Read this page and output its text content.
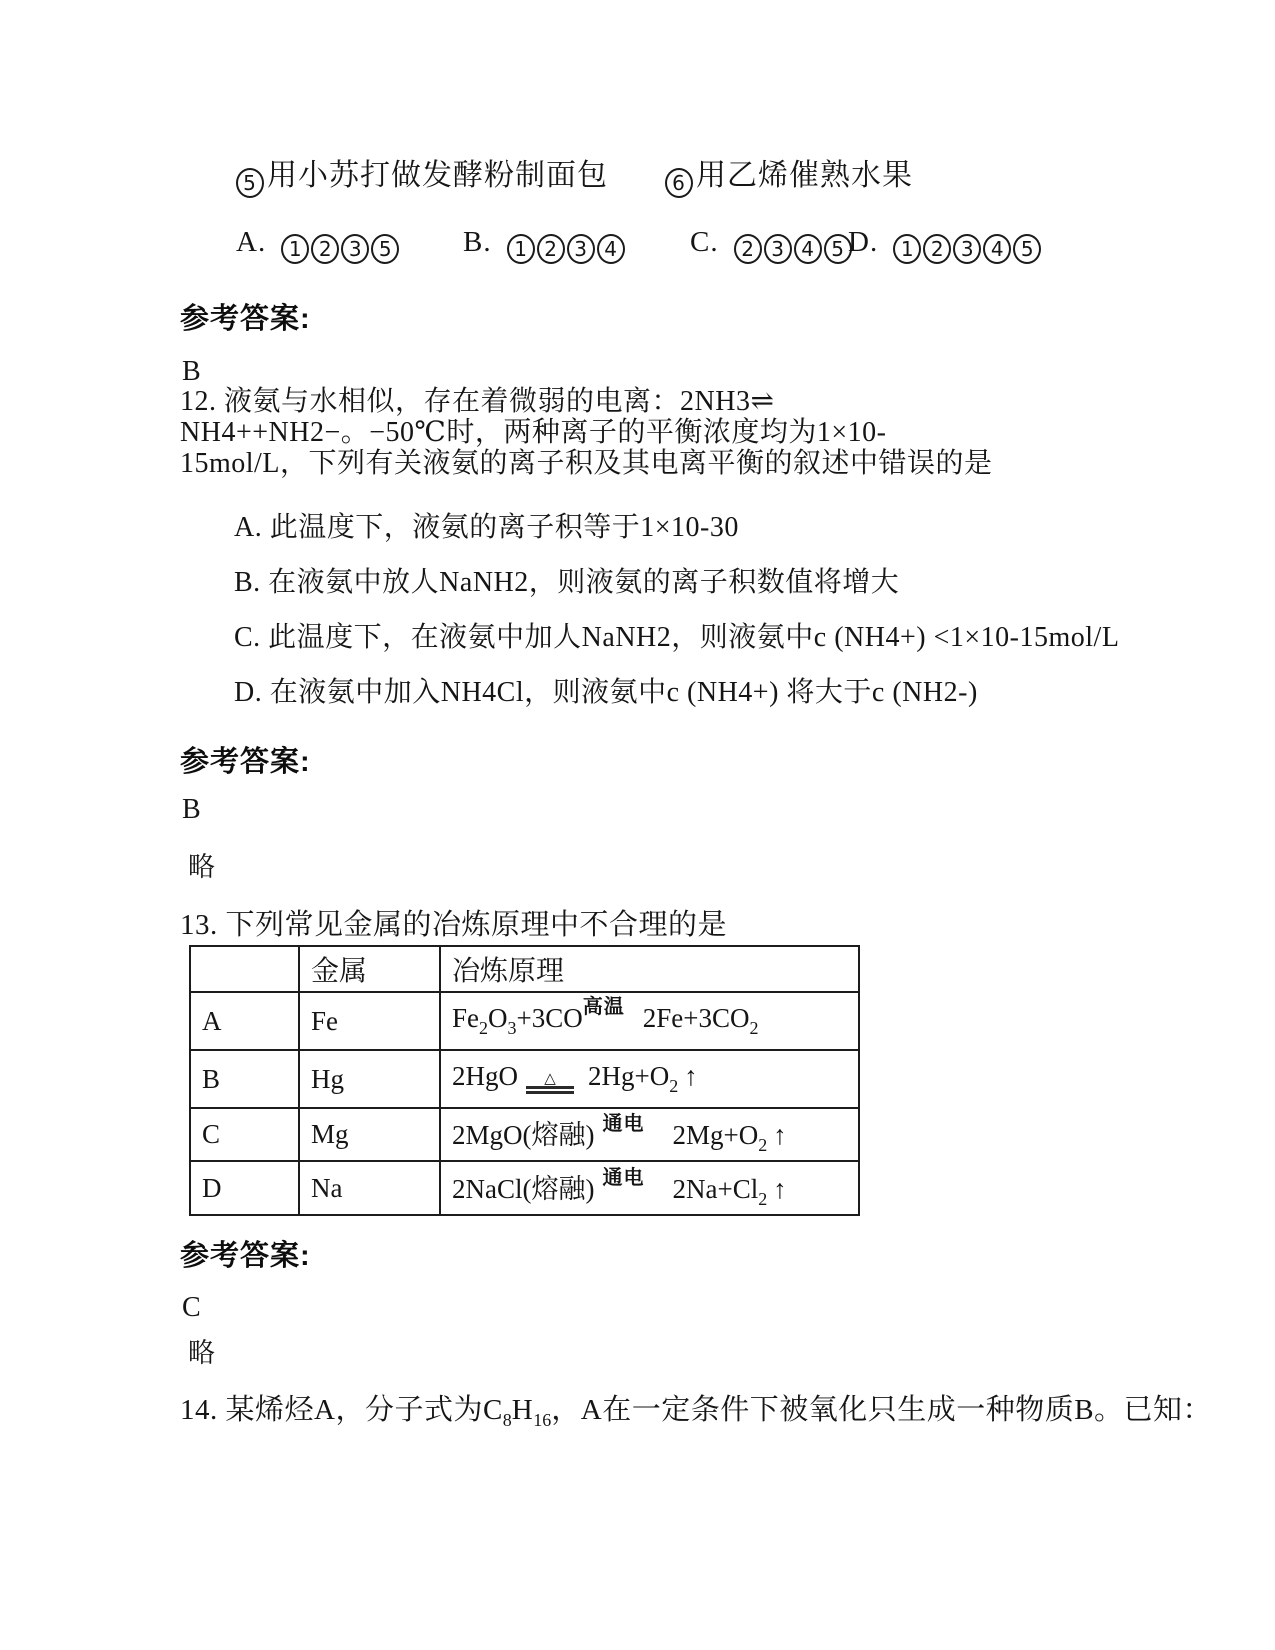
5 用小苏打做发酵粉制面包	6 用乙烯催熟水果
A. 1 2 3 5 B. 1 2 3 4	C. 2 3 4 5 D. 1 2 3 4 5
参考答案:
B
12. 液氨与水相似，存在着微弱的电离：2NH3⇌
NH4++NH2−。−50℃时，两种离子的平衡浓度均为1×10-
15mol/L，下列有关液氨的离子积及其电离平衡的叙述中错误的是
A. 此温度下，液氨的离子积等于1×10-30
B. 在液氨中放人NaNH2，则液氨的离子积数值将增大
C. 此温度下，在液氨中加人NaNH2，则液氨中c (NH4+) <1×10-15mol/L
D. 在液氨中加入NH4Cl，则液氨中c (NH4+) 将大于c (NH2-)
参考答案:
B
略
13. 下列常见金属的冶炼原理中不合理的是
	金属	冶炼原理
A	Fe	$Fe_2O_3+3CO^{高温}$ $2Fe+3CO_2$
B	Hg	2HgO △ $2Hg+O_2$ ↑
C	Mg	2MgO(熔融) $^{通电}$ $2Mg+O_2$ ↑
D	Na	2NaCl(熔融) $^{通电}$ $2Na+Cl_2$ ↑
参考答案:
C
略
14. 某烯烃A，分子式为$C_8H_{16}$，A在一定条件下被氧化只生成一种物质B。已知：
